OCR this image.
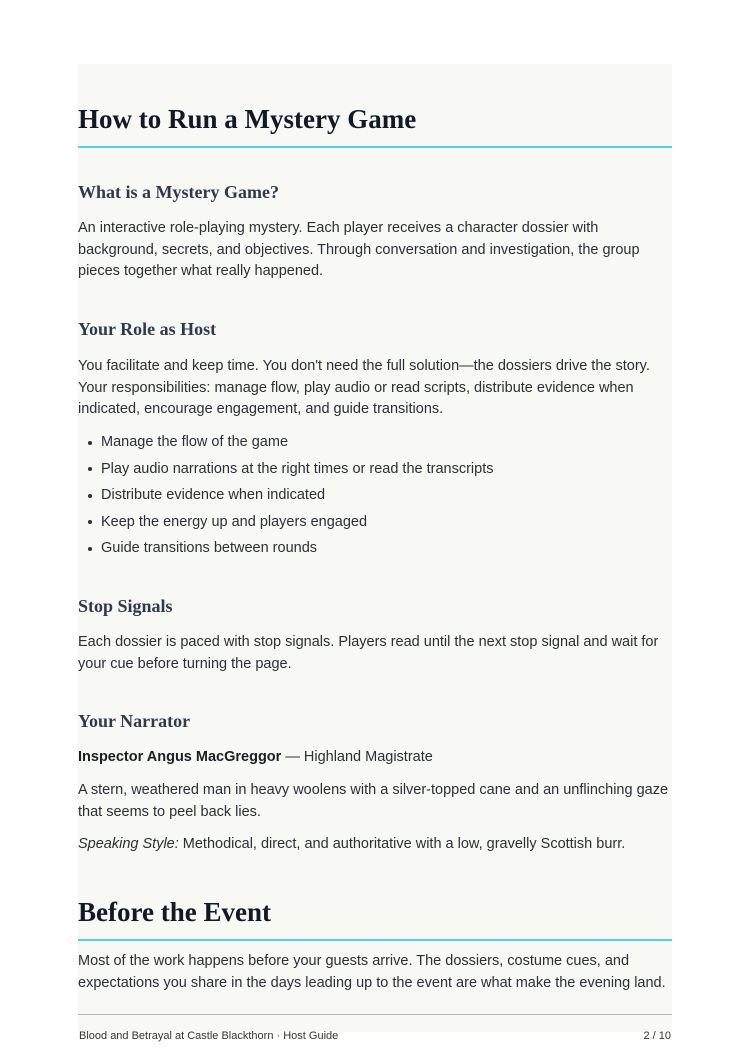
How to Run a Mystery Game
What is a Mystery Game?

An interactive role-playing mystery. Each player receives a character dossier with background, secrets, and objectives. Through conversation and investigation, the group pieces together what really happened.

Your Role as Host

You facilitate and keep time. You don't need the full solution—the dossiers drive the story. Your responsibilities: manage flow, play audio or read scripts, distribute evidence when indicated, encourage engagement, and guide transitions.

Manage the flow of the game
Play audio narrations at the right times or read the transcripts
Distribute evidence when indicated
Keep the energy up and players engaged
Guide transitions between rounds
Stop Signals

Each dossier is paced with stop signals. Players read until the next stop signal and wait for your cue before turning the page.

Your Narrator

Inspector Angus MacGreggor — Highland Magistrate

A stern, weathered man in heavy woolens with a silver-topped cane and an unflinching gaze that seems to peel back lies.

Speaking Style: Methodical, direct, and authoritative with a low, gravelly Scottish burr.

Before the Event

Most of the work happens before your guests arrive. The dossiers, costume cues, and expectations you share in the days leading up to the event are what make the evening land.

Blood and Betrayal at Castle Blackthorn · Host Guide	2 / 10
